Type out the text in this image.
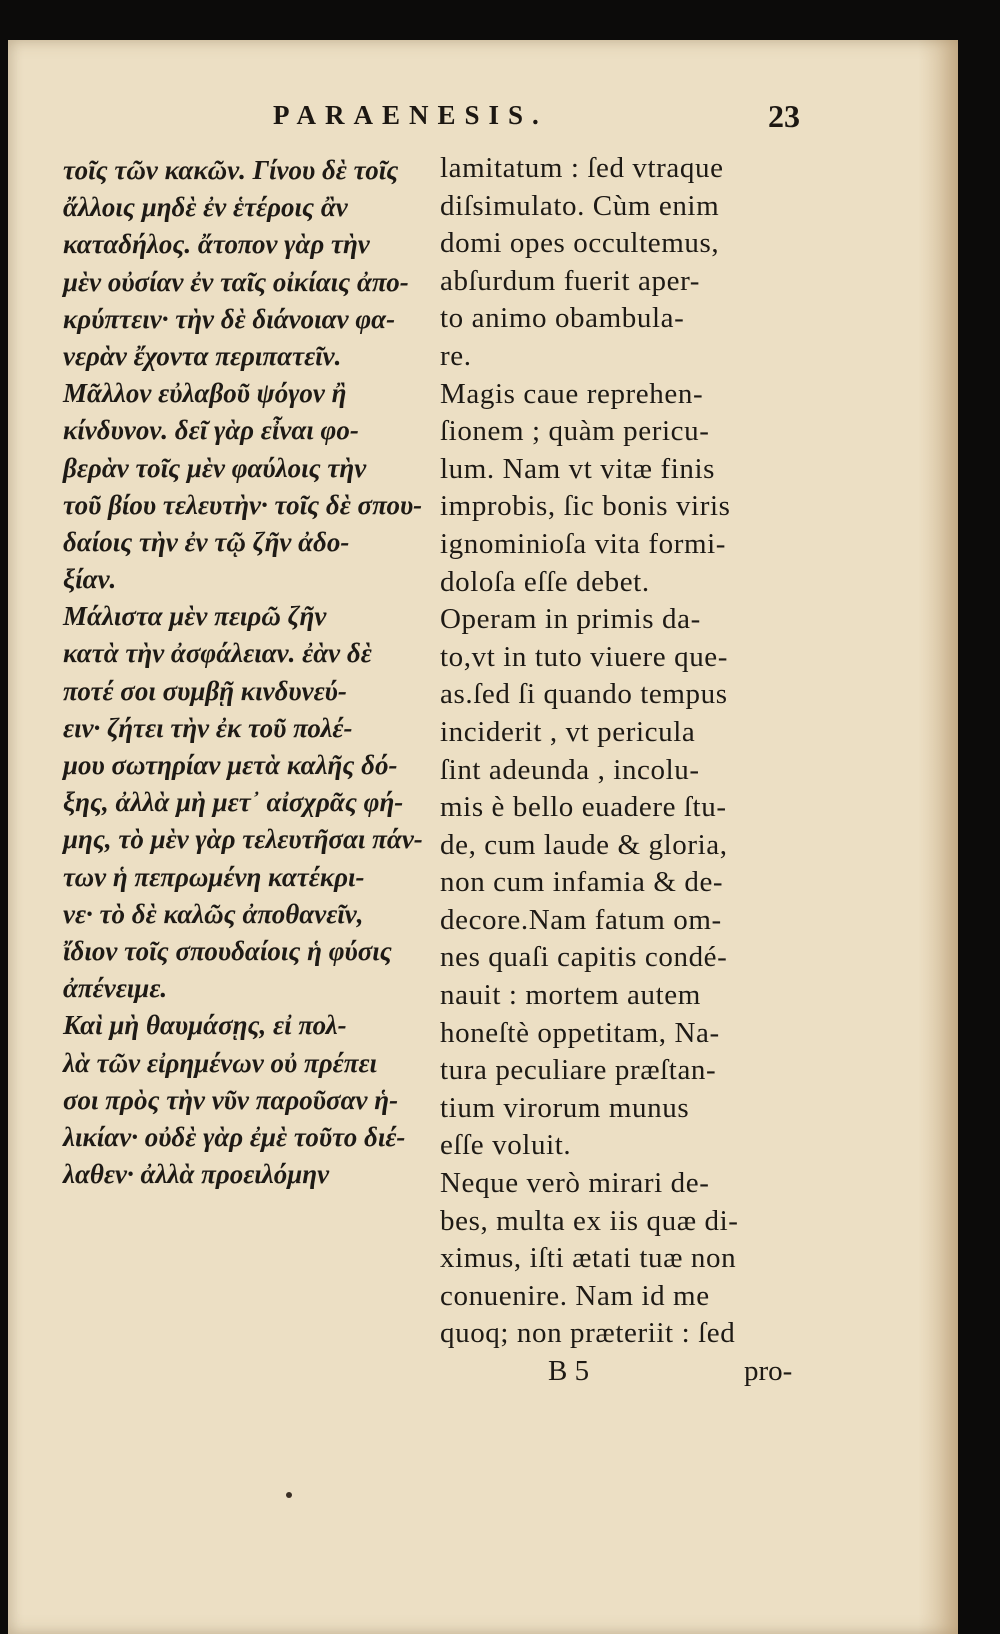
PARAENESIS.	23
τοῖς τῶν κακῶν. Γίνου δὲ τοῖς
ἄλλοις μηδὲ ἐν ἑτέροις ἂν
καταδήλος. ἄτοπον γὰρ τὴν
μὲν οὐσίαν ἐν ταῖς οἰκίαις ἀπο-
κρύπτειν· τὴν δὲ διάνοιαν φα-
νερὰν ἔχοντα περιπατεῖν.
Μᾶλλον εὐλαβοῦ ψόγον ἢ
κίνδυνον. δεῖ γὰρ εἶναι φο-
βερὰν τοῖς μὲν φαύλοις τὴν
τοῦ βίου τελευτὴν· τοῖς δὲ σπου-
δαίοις τὴν ἐν τῷ ζῆν ἀδο-
ξίαν.
Μάλιστα μὲν πειρῶ ζῆν
κατὰ τὴν ἀσφάλειαν. ἐὰν δὲ
ποτέ σοι συμβῇ κινδυνεύ-
ειν· ζήτει τὴν ἐκ τοῦ πολέ-
μου σωτηρίαν μετὰ καλῆς δό-
ξης, ἀλλὰ μὴ μετ᾽ αἰσχρᾶς φή-
μης, τὸ μὲν γὰρ τελευτῆσαι πάν-
των ἡ πεπρωμένη κατέκρι-
νε· τὸ δὲ καλῶς ἀποθανεῖν,
ἴδιον τοῖς σπουδαίοις ἡ φύσις
ἀπένειμε.
Καὶ μὴ θαυμάσῃς, εἰ πολ-
λὰ τῶν εἰρημένων οὐ πρέπει
σοι πρὸς τὴν νῦν παροῦσαν ἡ-
λικίαν· οὐδὲ γὰρ ἐμὲ τοῦτο διέ-
λαθεν· ἀλλὰ προειλόμην
lamitatum : ſed vtraque
diſsimulato. Cùm enim
domi opes occultemus,
abſurdum fuerit aper-
to animo obambula-
re.
Magis caue reprehen-
ſionem ; quàm pericu-
lum. Nam vt vitæ finis
improbis, ſic bonis viris
ignominioſa vita formi-
doloſa eſſe debet.
Operam in primis da-
to,vt in tuto viuere que-
as.ſed ſi quando tempus
inciderit , vt pericula
ſint adeunda , incolu-
mis è bello euadere ſtu-
de, cum laude & gloria,
non cum infamia & de-
decore.Nam fatum om-
nes quaſi capitis condé-
nauit : mortem autem
honeſtè oppetitam, Na-
tura peculiare præſtan-
tium virorum munus
eſſe voluit.
Neque verò mirari de-
bes, multa ex iis quæ di-
ximus, iſti ætati tuæ non
conuenire. Nam id me
quoq; non præteriit : ſed
B 5	pro-
